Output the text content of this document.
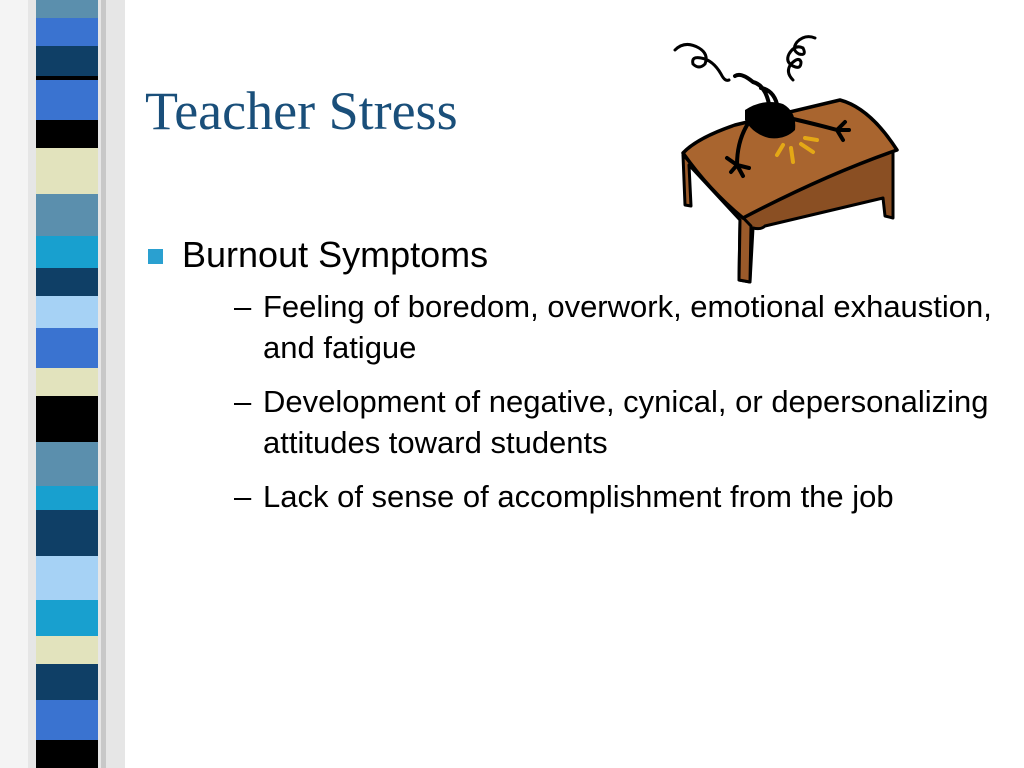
Teacher Stress
Burnout Symptoms
– Feeling of boredom, overwork, emotional exhaustion, and fatigue
– Development of negative, cynical, or depersonalizing attitudes toward students
– Lack of sense of accomplishment from the job
